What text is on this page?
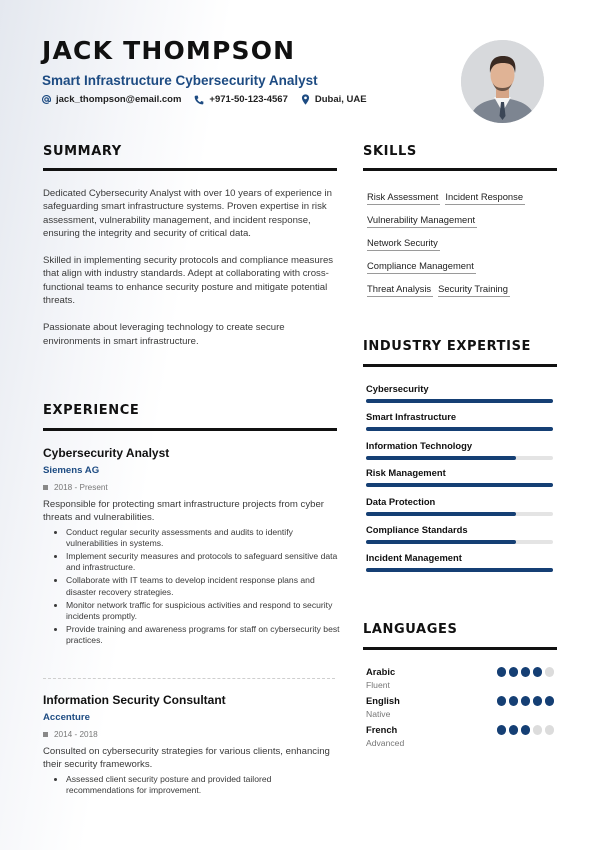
JACK THOMPSON
Smart Infrastructure Cybersecurity Analyst
jack_thompson@email.com	+971-50-123-4567	Dubai, UAE
SUMMARY

Dedicated Cybersecurity Analyst with over 10 years of experience in safeguarding smart infrastructure systems. Proven expertise in risk assessment, vulnerability management, and incident response, ensuring the integrity and security of critical data.

Skilled in implementing security protocols and compliance measures that align with industry standards. Adept at collaborating with cross-functional teams to enhance security posture and mitigate potential threats.

Passionate about leveraging technology to create secure environments in smart infrastructure.

EXPERIENCE
Cybersecurity Analyst
Siemens AG
2018 - Present

Responsible for protecting smart infrastructure projects from cyber threats and vulnerabilities.

• Conduct regular security assessments and audits to identify vulnerabilities in systems.
• Implement security measures and protocols to safeguard sensitive data and infrastructure.
• Collaborate with IT teams to develop incident response plans and disaster recovery strategies.
• Monitor network traffic for suspicious activities and respond to security incidents promptly.
• Provide training and awareness programs for staff on cybersecurity best practices.
Information Security Consultant
Accenture
2014 - 2018

Consulted on cybersecurity strategies for various clients, enhancing their security frameworks.

• Assessed client security posture and provided tailored recommendations for improvement.
SKILLS
Risk Assessment Incident Response
Vulnerability Management
Network Security
Compliance Management
Threat Analysis Security Training
INDUSTRY EXPERTISE
Cybersecurity
Smart Infrastructure
Information Technology
Risk Management
Data Protection
Compliance Standards
Incident Management
LANGUAGES
Arabic
Fluent
English
Native
French
Advanced
